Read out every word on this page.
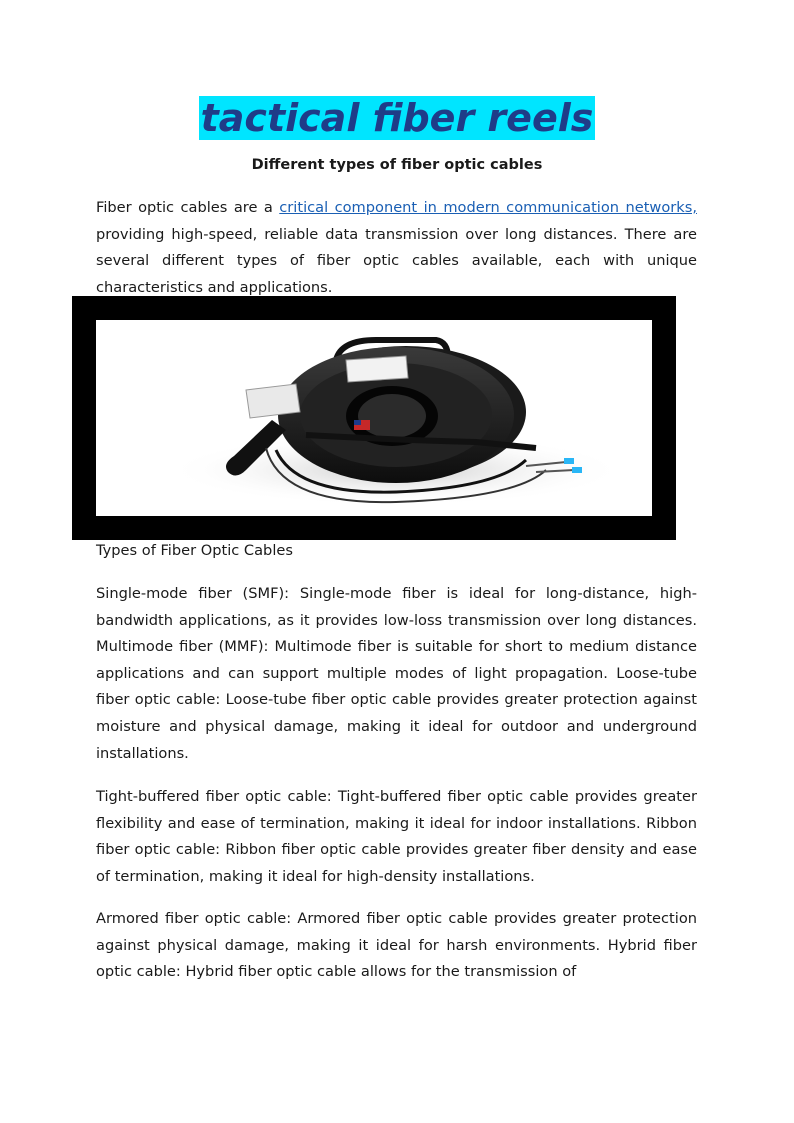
tactical fiber reels
Different types of fiber optic cables

Fiber optic cables are a critical component in modern communication networks, providing high-speed, reliable data transmission over long distances. There are several different types of fiber optic cables available, each with unique characteristics and applications.

Types of Fiber Optic Cables

Single-mode fiber (SMF): Single-mode fiber is ideal for long-distance, high-bandwidth applications, as it provides low-loss transmission over long distances. Multimode fiber (MMF): Multimode fiber is suitable for short to medium distance applications and can support multiple modes of light propagation. Loose-tube fiber optic cable: Loose-tube fiber optic cable provides greater protection against moisture and physical damage, making it ideal for outdoor and underground installations.

Tight-buffered fiber optic cable: Tight-buffered fiber optic cable provides greater flexibility and ease of termination, making it ideal for indoor installations. Ribbon fiber optic cable: Ribbon fiber optic cable provides greater fiber density and ease of termination, making it ideal for high-density installations.

Armored fiber optic cable: Armored fiber optic cable provides greater protection against physical damage, making it ideal for harsh environments. Hybrid fiber optic cable: Hybrid fiber optic cable allows for the transmission of
